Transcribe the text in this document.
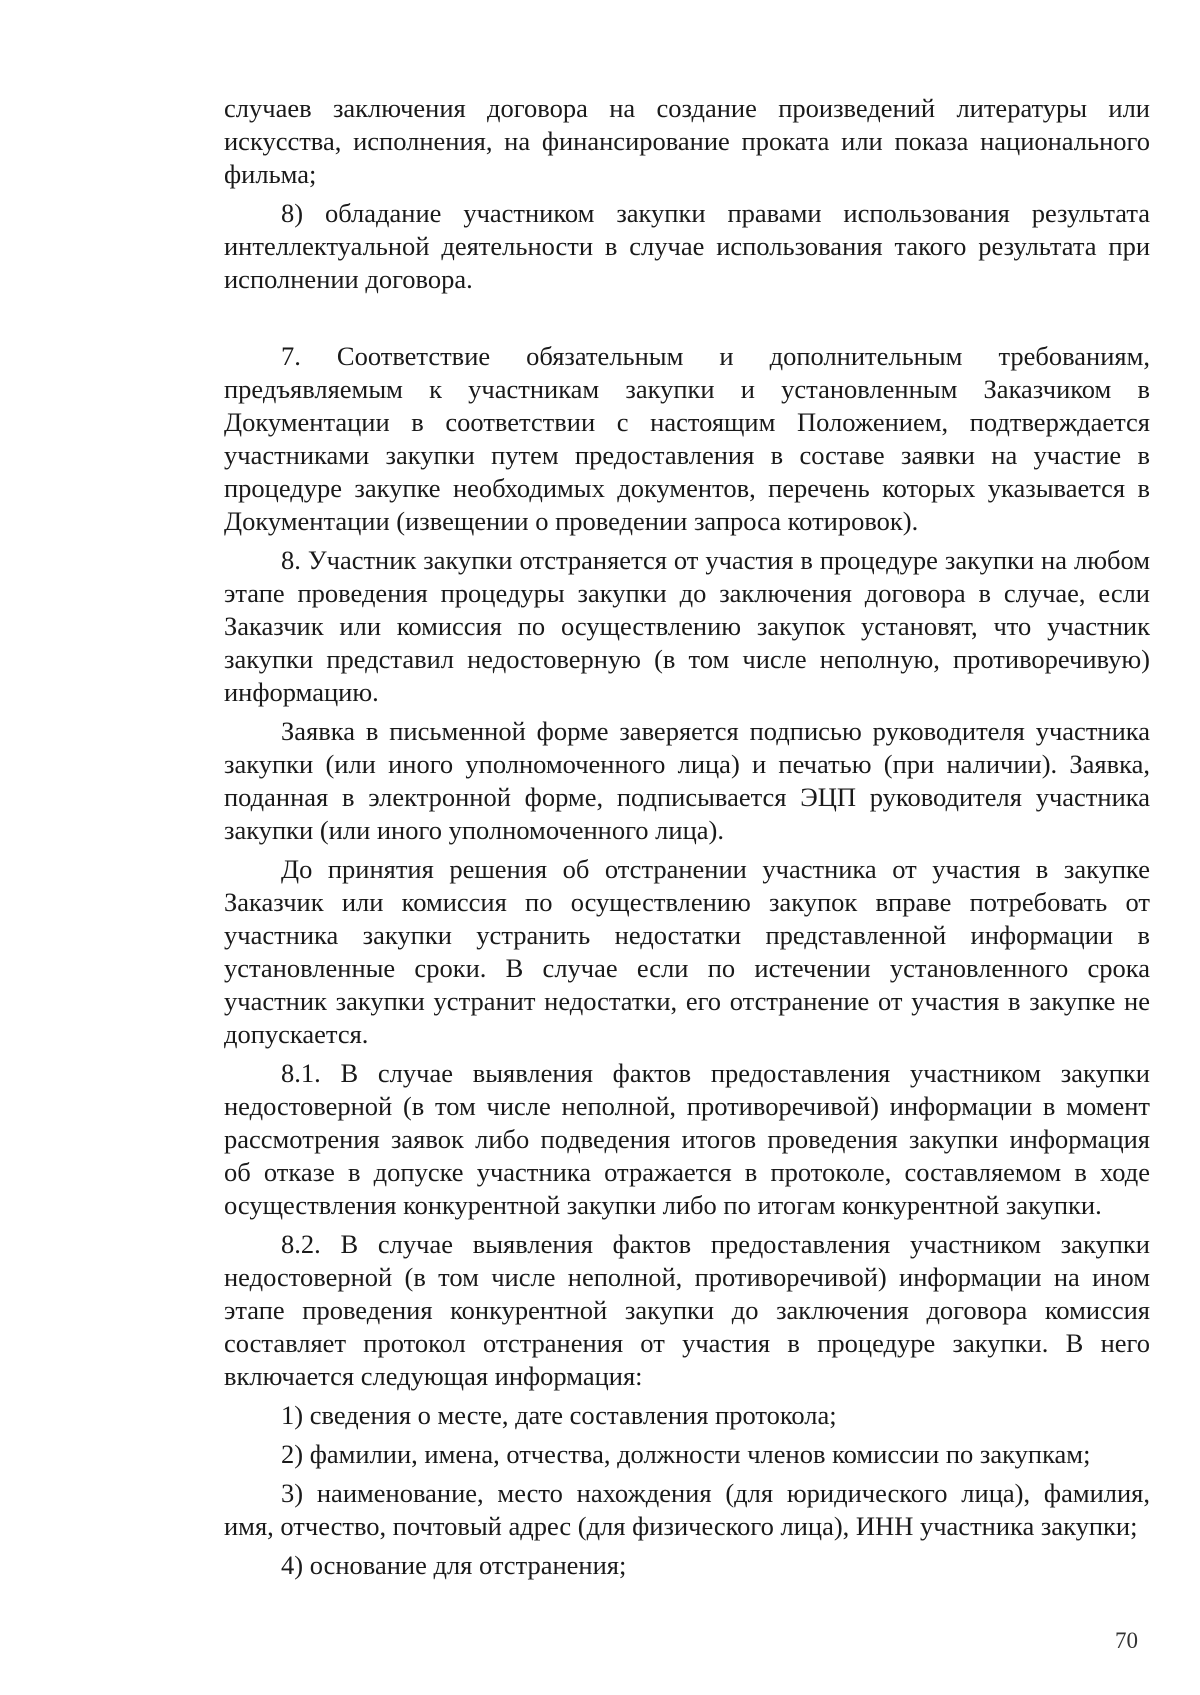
случаев заключения договора на создание произведений литературы или искусства, исполнения, на финансирование проката или показа национального фильма;

8) обладание участником закупки правами использования результата интеллектуальной деятельности в случае использования такого результата при исполнении договора.

7. Соответствие обязательным и дополнительным требованиям, предъявляемым к участникам закупки и установленным Заказчиком в Документации в соответствии с настоящим Положением, подтверждается участниками закупки путем предоставления в составе заявки на участие в процедуре закупке необходимых документов, перечень которых указывается в Документации (извещении о проведении запроса котировок).

8. Участник закупки отстраняется от участия в процедуре закупки на любом этапе проведения процедуры закупки до заключения договора в случае, если Заказчик или комиссия по осуществлению закупок установят, что участник закупки представил недостоверную (в том числе неполную, противоречивую) информацию.

Заявка в письменной форме заверяется подписью руководителя участника закупки (или иного уполномоченного лица) и печатью (при наличии). Заявка, поданная в электронной форме, подписывается ЭЦП руководителя участника закупки (или иного уполномоченного лица).

До принятия решения об отстранении участника от участия в закупке Заказчик или комиссия по осуществлению закупок вправе потребовать от участника закупки устранить недостатки представленной информации в установленные сроки. В случае если по истечении установленного срока участник закупки устранит недостатки, его отстранение от участия в закупке не допускается.

8.1. В случае выявления фактов предоставления участником закупки недостоверной (в том числе неполной, противоречивой) информации в момент рассмотрения заявок либо подведения итогов проведения закупки информация об отказе в допуске участника отражается в протоколе, составляемом в ходе осуществления конкурентной закупки либо по итогам конкурентной закупки.

8.2. В случае выявления фактов предоставления участником закупки недостоверной (в том числе неполной, противоречивой) информации на ином этапе проведения конкурентной закупки до заключения договора комиссия составляет протокол отстранения от участия в процедуре закупки. В него включается следующая информация:

1) сведения о месте, дате составления протокола;

2) фамилии, имена, отчества, должности членов комиссии по закупкам;

3) наименование, место нахождения (для юридического лица), фамилия, имя, отчество, почтовый адрес (для физического лица), ИНН участника закупки;

4) основание для отстранения;

70
